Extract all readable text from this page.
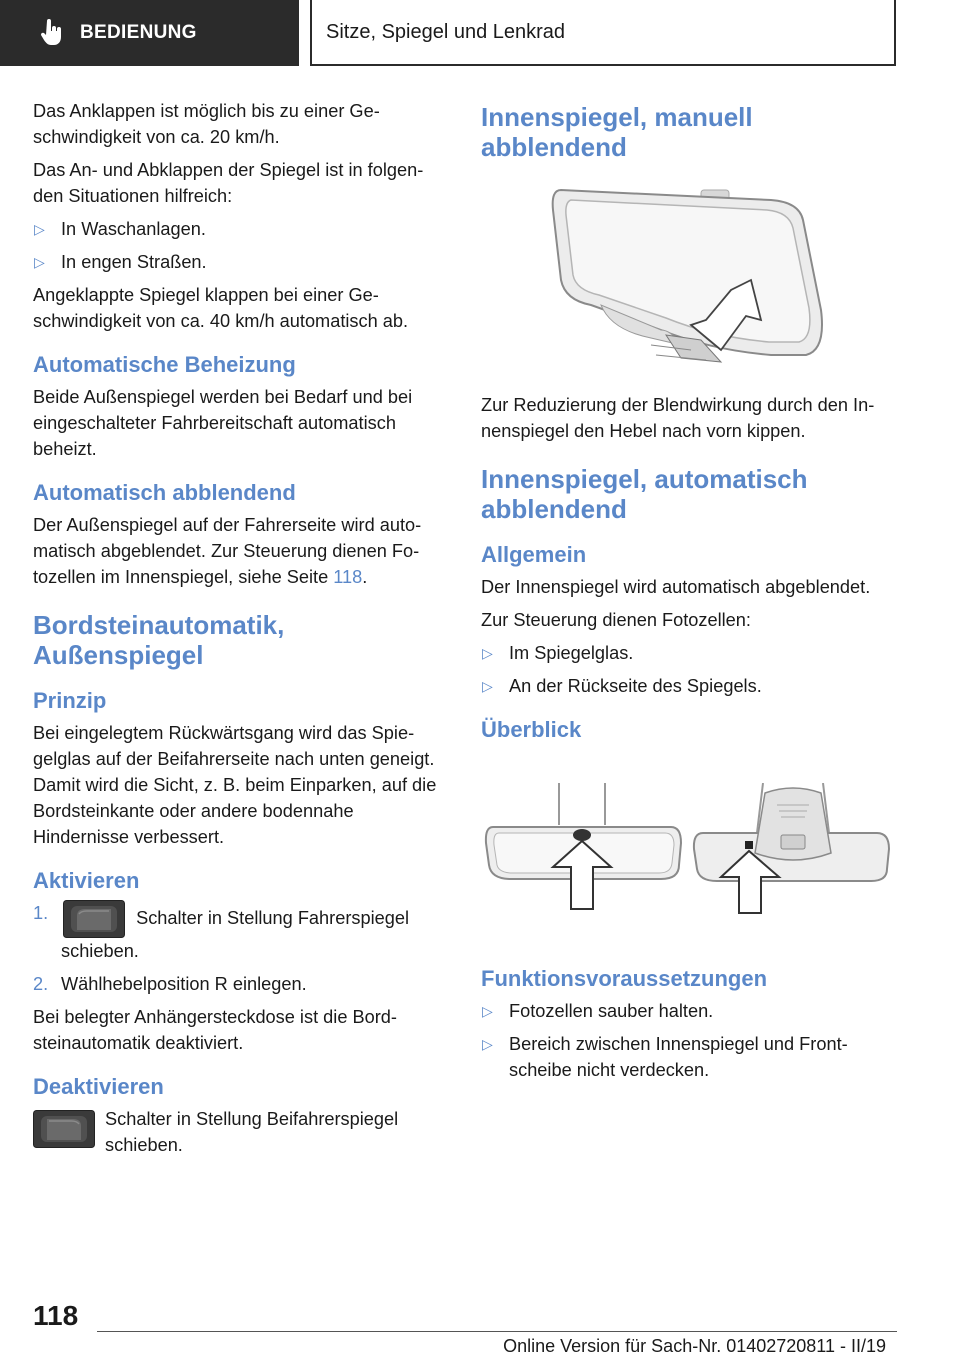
BEDIENUNG	Sitze, Spiegel und Lenkrad

Das Anklappen ist möglich bis zu einer Geschwindigkeit von ca. 20 km/h.

Das An- und Abklappen der Spiegel ist in folgenden Situationen hilfreich:

▷ In Waschanlagen.
▷ In engen Straßen.

Angeklappte Spiegel klappen bei einer Geschwindigkeit von ca. 40 km/h automatisch ab.

Automatische Beheizung

Beide Außenspiegel werden bei Bedarf und bei eingeschalteter Fahrbereitschaft automatisch beheizt.

Automatisch abblendend

Der Außenspiegel auf der Fahrerseite wird automatisch abgeblendet. Zur Steuerung dienen Fotozellen im Innenspiegel, siehe Seite 118.

Bordsteinautomatik, Außenspiegel
Prinzip

Bei eingelegtem Rückwärtsgang wird das Spiegelglas auf der Beifahrerseite nach unten geneigt. Damit wird die Sicht, z. B. beim Einparken, auf die Bordsteinkante oder andere bodennahe Hindernisse verbessert.

Aktivieren
1.	Schalter in Stellung Fahrerspiegel schieben.
2. Wählhebelposition R einlegen.

Bei belegter Anhängersteckdose ist die Bordsteinautomatik deaktiviert.

Deaktivieren

Schalter in Stellung Beifahrerspiegel schieben.

Innenspiegel, manuell abblendend

Zur Reduzierung der Blendwirkung durch den Innenspiegel den Hebel nach vorn kippen.

Innenspiegel, automatisch abblendend
Allgemein

Der Innenspiegel wird automatisch abgeblendet.

Zur Steuerung dienen Fotozellen:

▷ Im Spiegelglas.
▷ An der Rückseite des Spiegels.
Überblick
Funktionsvoraussetzungen
▷ Fotozellen sauber halten.
▷ Bereich zwischen Innenspiegel und Frontscheibe nicht verdecken.
118
Online Version für Sach-Nr. 01402720811 - II/19
